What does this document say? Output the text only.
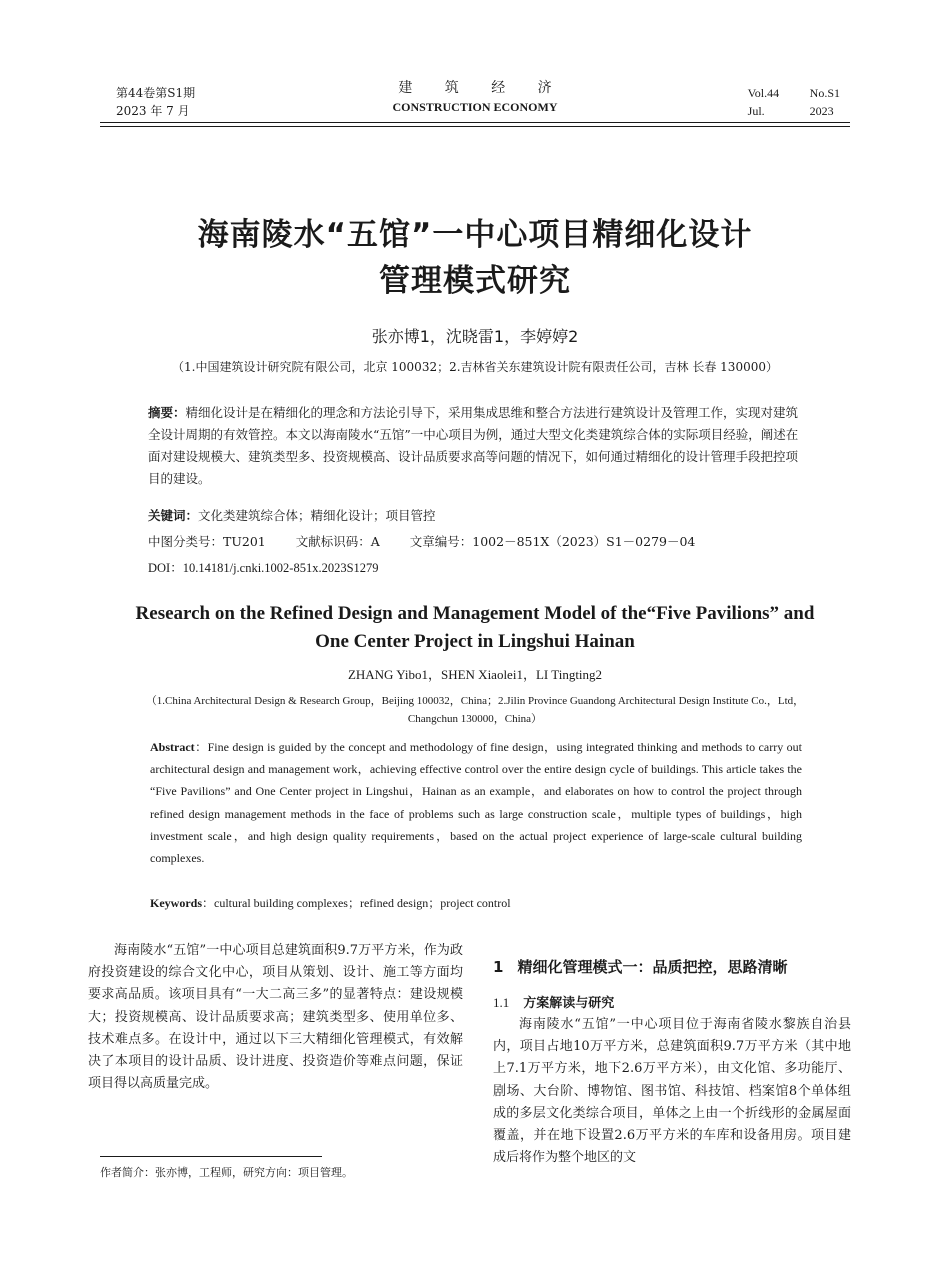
第44卷第S1期
2023 年 7 月
建 筑 经 济
CONSTRUCTION ECONOMY
Vol.44	No.S1
Jul.	2023
海南陵水“五馆”一中心项目精细化设计
管理模式研究
张亦博1，沈晓雷1，李婷婷2
（1.中国建筑设计研究院有限公司，北京 100032；2.吉林省关东建筑设计院有限责任公司，吉林 长春 130000）
摘要：精细化设计是在精细化的理念和方法论引导下，采用集成思维和整合方法进行建筑设计及管理工作，实现对建筑全设计周期的有效管控。本文以海南陵水“五馆”一中心项目为例，通过大型文化类建筑综合体的实际项目经验，阐述在面对建设规模大、建筑类型多、投资规模高、设计品质要求高等问题的情况下，如何通过精细化的设计管理手段把控项目的建设。
关键词：文化类建筑综合体；精细化设计；项目管控
中图分类号：TU201 文献标识码：A 文章编号：1002－851X（2023）S1－0279－04
DOI：10.14181/j.cnki.1002-851x.2023S1279
Research on the Refined Design and Management Model of the“Five Pavilions” and
One Center Project in Lingshui Hainan
ZHANG Yibo1，SHEN Xiaolei1，LI Tingting2
（1.China Architectural Design & Research Group，Beijing 100032，China；2.Jilin Province Guandong Architectural Design Institute Co.，Ltd，
Changchun 130000，China）
Abstract：Fine design is guided by the concept and methodology of fine design，using integrated thinking and methods to carry out architectural design and management work，achieving effective control over the entire design cycle of buildings. This article takes the “Five Pavilions” and One Center project in Lingshui，Hainan as an example，and elaborates on how to control the project through refined design management methods in the face of problems such as large construction scale，multiple types of buildings，high investment scale，and high design quality requirements，based on the actual project experience of large-scale cultural building complexes.
Keywords：cultural building complexes；refined design；project control

海南陵水“五馆”一中心项目总建筑面积9.7万平方米，作为政府投资建设的综合文化中心，项目从策划、设计、施工等方面均要求高品质。该项目具有“一大二高三多”的显著特点：建设规模大；投资规模高、设计品质要求高；建筑类型多、使用单位多、技术难点多。在设计中，通过以下三大精细化管理模式，有效解决了本项目的设计品质、设计进度、投资造价等难点问题，保证项目得以高质量完成。

作者简介：张亦博，工程师，研究方向：项目管理。
1 精细化管理模式一：品质把控，思路清晰
1.1 方案解读与研究

海南陵水“五馆”一中心项目位于海南省陵水黎族自治县内，项目占地10万平方米，总建筑面积9.7万平方米（其中地上7.1万平方米，地下2.6万平方米），由文化馆、多功能厅、剧场、大台阶、博物馆、图书馆、科技馆、档案馆8个单体组成的多层文化类综合项目，单体之上由一个折线形的金属屋面覆盖，并在地下设置2.6万平方米的车库和设备用房。项目建成后将作为整个地区的文
